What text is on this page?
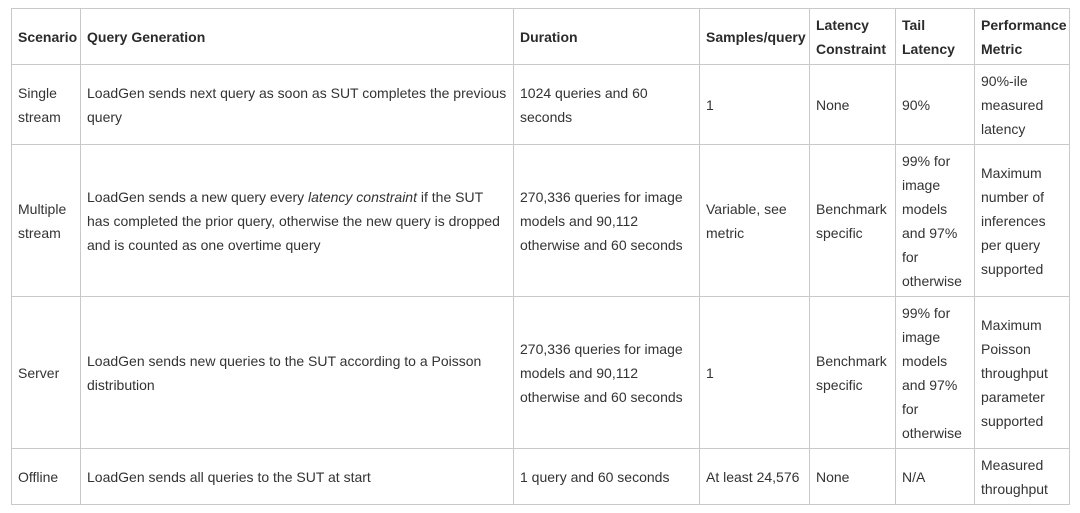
Scenario	Query Generation	Duration	Samples/query	Latency Constraint	Tail Latency	Performance Metric
Single stream	LoadGen sends next query as soon as SUT completes the previous query	1024 queries and 60 seconds	1	None	90%	90%-ile measured latency
Multiple stream	LoadGen sends a new query every latency constraint if the SUT has completed the prior query, otherwise the new query is dropped and is counted as one overtime query	270,336 queries for image models and 90,112 otherwise and 60 seconds	Variable, see metric	Benchmark specific	99% for image models and 97% for otherwise	Maximum number of inferences per query supported
Server	LoadGen sends new queries to the SUT according to a Poisson distribution	270,336 queries for image models and 90,112 otherwise and 60 seconds	1	Benchmark specific	99% for image models and 97% for otherwise	Maximum Poisson throughput parameter supported
Offline	LoadGen sends all queries to the SUT at start	1 query and 60 seconds	At least 24,576	None	N/A	Measured throughput
